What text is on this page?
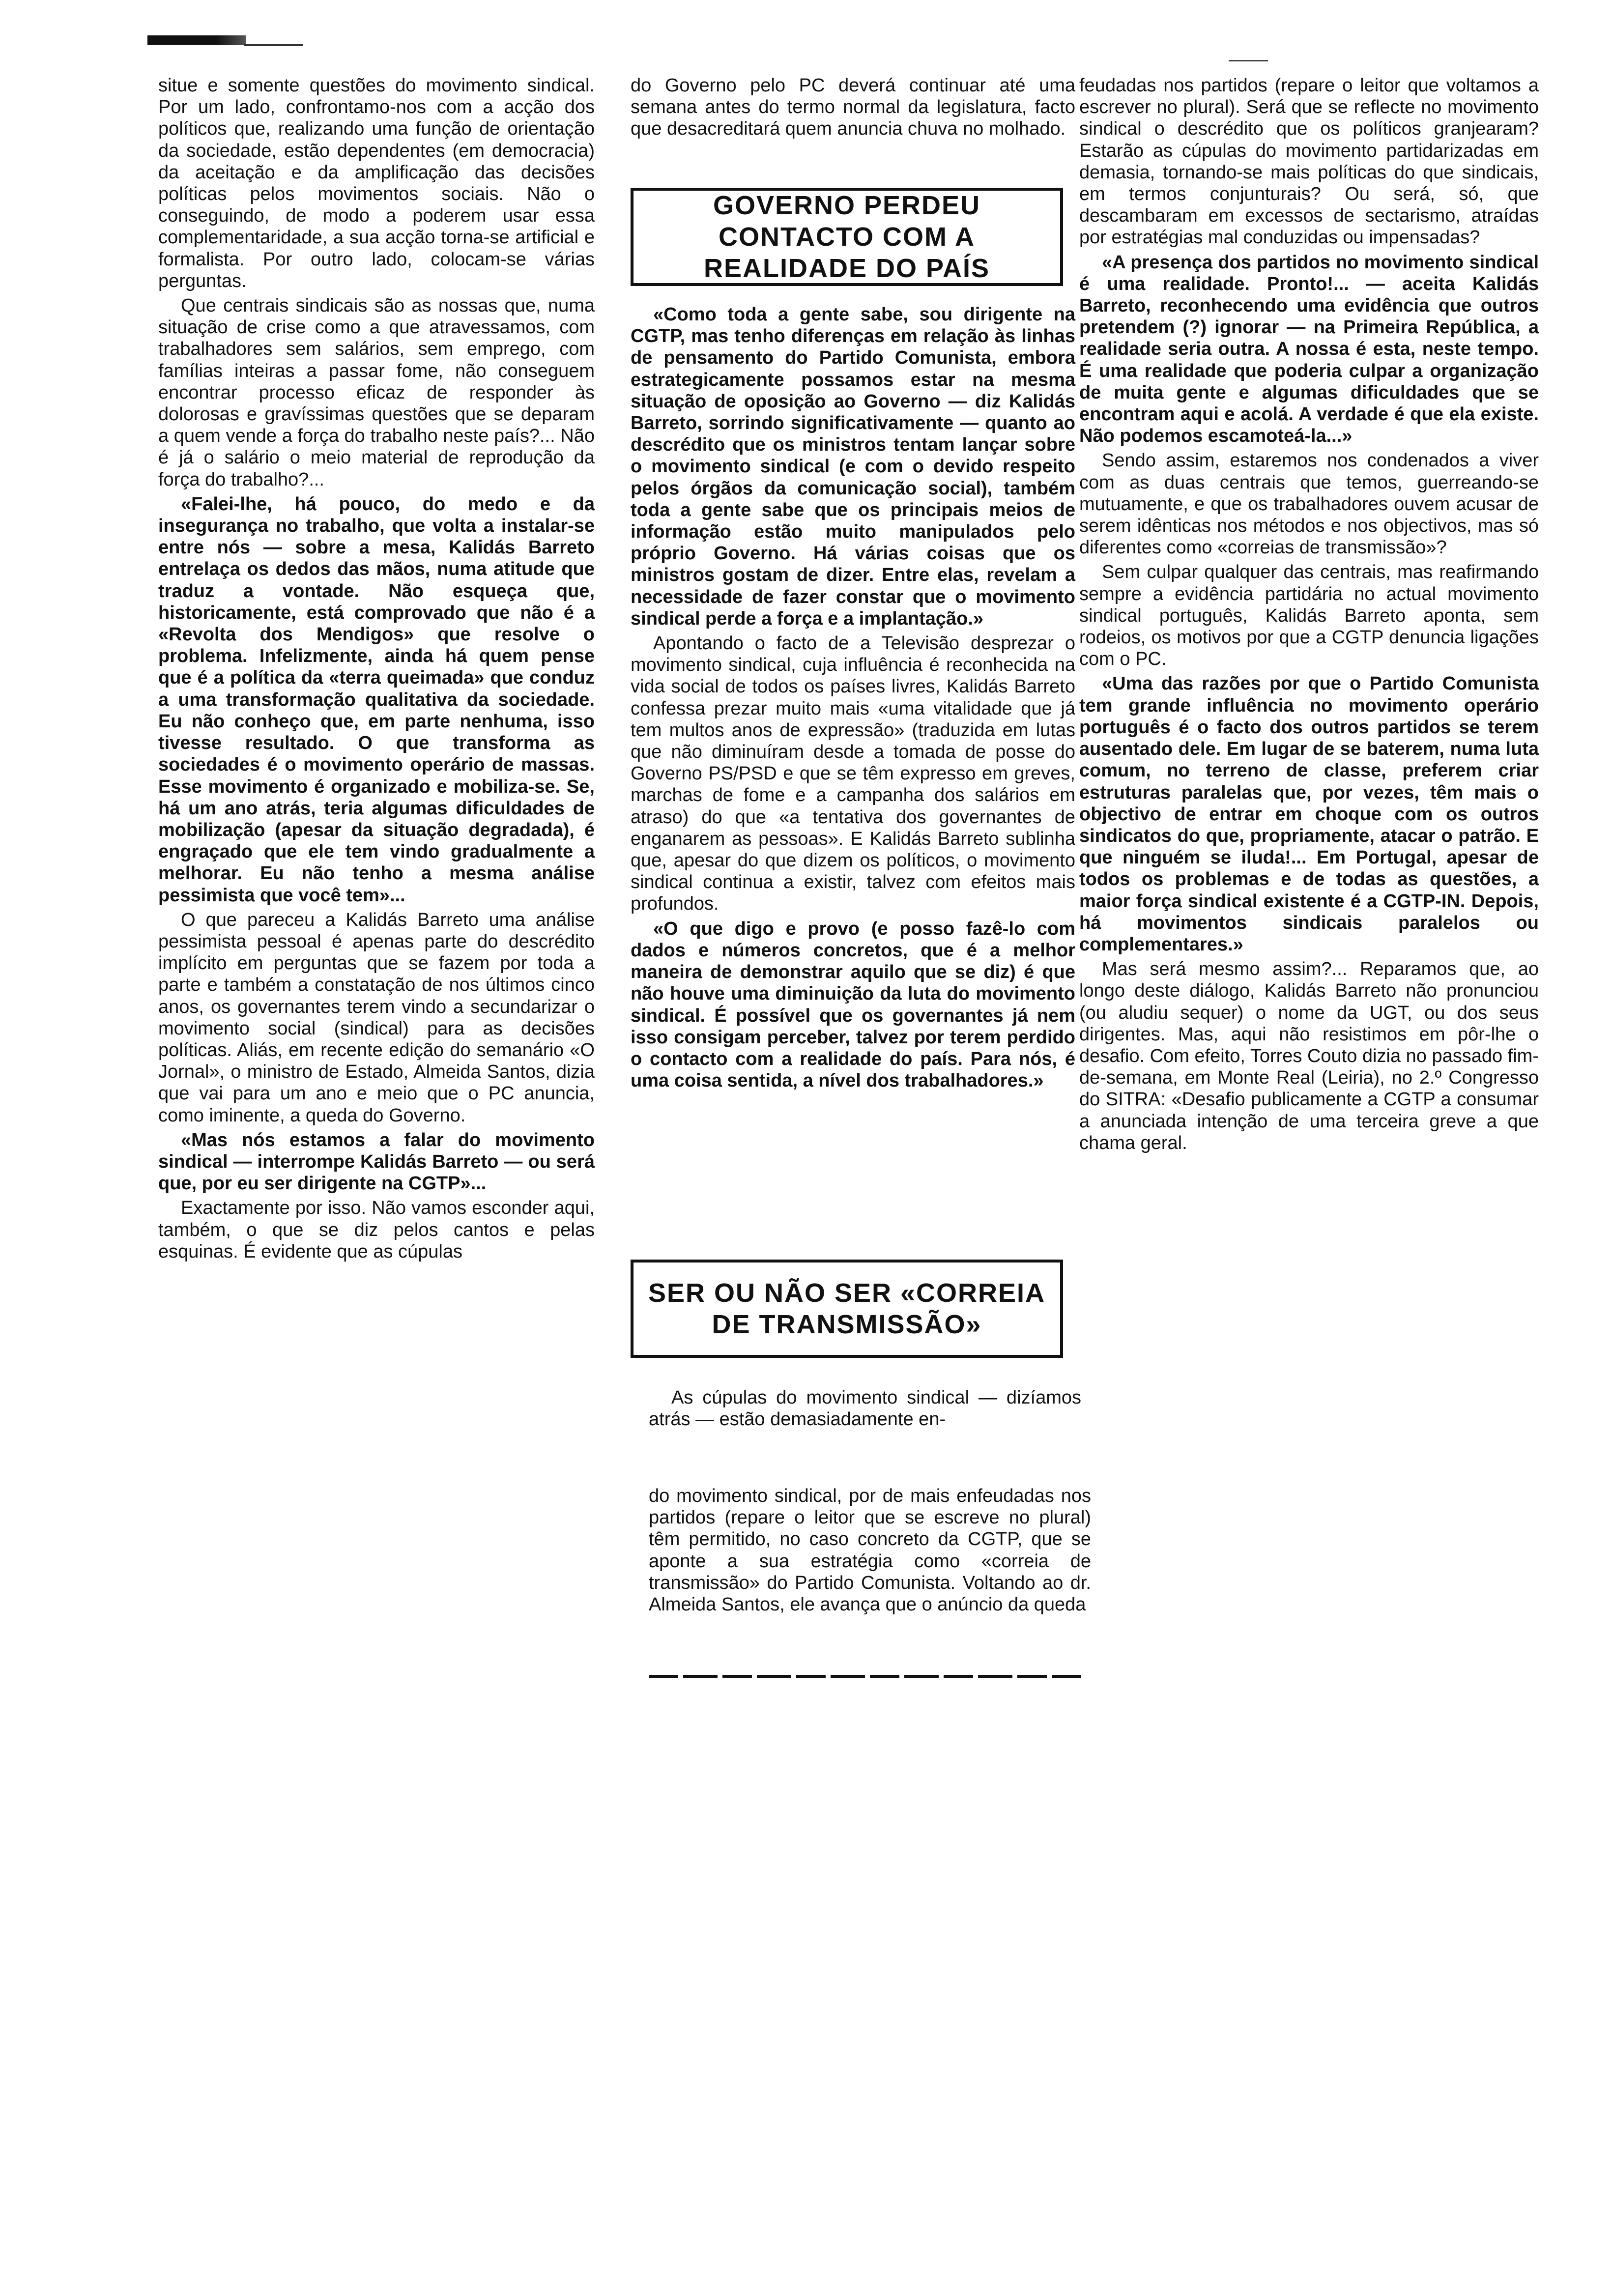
situe e somente questões do movimento sindical. Por um lado, confrontamo-nos com a acção dos políticos que, realizando uma função de orientação da sociedade, estão dependentes (em democracia) da aceitação e da amplificação das decisões políticas pelos movimentos sociais. Não o conseguindo, de modo a poderem usar essa complementaridade, a sua acção torna-se artificial e formalista. Por outro lado, colocam-se várias perguntas.

Que centrais sindicais são as nossas que, numa situação de crise como a que atravessamos, com trabalhadores sem salários, sem emprego, com famílias inteiras a passar fome, não conseguem encontrar processo eficaz de responder às dolorosas e gravíssimas questões que se deparam a quem vende a força do trabalho neste país?... Não é já o salário o meio material de reprodução da força do trabalho?...

«Falei-lhe, há pouco, do medo e da insegurança no trabalho, que volta a instalar-se entre nós — sobre a mesa, Kalidás Barreto entrelaça os dedos das mãos, numa atitude que traduz a vontade. Não esqueça que, historicamente, está comprovado que não é a «Revolta dos Mendigos» que resolve o problema. Infelizmente, ainda há quem pense que é a política da «terra queimada» que conduz a uma transformação qualitativa da sociedade. Eu não conheço que, em parte nenhuma, isso tivesse resultado. O que transforma as sociedades é o movimento operário de massas. Esse movimento é organizado e mobiliza-se. Se, há um ano atrás, teria algumas dificuldades de mobilização (apesar da situação degradada), é engraçado que ele tem vindo gradualmente a melhorar. Eu não tenho a mesma análise pessimista que você tem»...

O que pareceu a Kalidás Barreto uma análise pessimista pessoal é apenas parte do descrédito implícito em perguntas que se fazem por toda a parte e também a constatação de nos últimos cinco anos, os governantes terem vindo a secundarizar o movimento social (sindical) para as decisões políticas. Aliás, em recente edição do semanário «O Jornal», o ministro de Estado, Almeida Santos, dizia que vai para um ano e meio que o PC anuncia, como iminente, a queda do Governo.

«Mas nós estamos a falar do movimento sindical — interrompe Kalidás Barreto — ou será que, por eu ser dirigente na CGTP»...

Exactamente por isso. Não vamos esconder aqui, também, o que se diz pelos cantos e pelas esquinas. É evidente que as cúpulas

do Governo pelo PC deverá continuar até uma semana antes do termo normal da legislatura, facto que desacreditará quem anuncia chuva no molhado.

GOVERNO PERDEU CONTACTO COM A REALIDADE DO PAÍS

«Como toda a gente sabe, sou dirigente na CGTP, mas tenho diferenças em relação às linhas de pensamento do Partido Comunista, embora estrategicamente possamos estar na mesma situação de oposição ao Governo — diz Kalidás Barreto, sorrindo significativamente — quanto ao descrédito que os ministros tentam lançar sobre o movimento sindical (e com o devido respeito pelos órgãos da comunicação social), também toda a gente sabe que os principais meios de informação estão muito manipulados pelo próprio Governo. Há várias coisas que os ministros gostam de dizer. Entre elas, revelam a necessidade de fazer constar que o movimento sindical perde a força e a implantação.»

Apontando o facto de a Televisão desprezar o movimento sindical, cuja influência é reconhecida na vida social de todos os países livres, Kalidás Barreto confessa prezar muito mais «uma vitalidade que já tem multos anos de expressão» (traduzida em lutas que não diminuíram desde a tomada de posse do Governo PS/PSD e que se têm expresso em greves, marchas de fome e a campanha dos salários em atraso) do que «a tentativa dos governantes de enganarem as pessoas». E Kalidás Barreto sublinha que, apesar do que dizem os políticos, o movimento sindical continua a existir, talvez com efeitos mais profundos.

«O que digo e provo (e posso fazê-lo com dados e números concretos, que é a melhor maneira de demonstrar aquilo que se diz) é que não houve uma diminuição da luta do movimento sindical. É possível que os governantes já nem isso consigam perceber, talvez por terem perdido o contacto com a realidade do país. Para nós, é uma coisa sentida, a nível dos trabalhadores.»

SER OU NÃO SER «CORREIA DE TRANSMISSÃO»

As cúpulas do movimento sindical — dizíamos atrás — estão demasiadamente en-

do movimento sindical, por de mais enfeudadas nos partidos (repare o leitor que se escreve no plural) têm permitido, no caso concreto da CGTP, que se aponte a sua estratégia como «correia de transmissão» do Partido Comunista. Voltando ao dr. Almeida Santos, ele avança que o anúncio da queda

feudadas nos partidos (repare o leitor que voltamos a escrever no plural). Será que se reflecte no movimento sindical o descrédito que os políticos granjearam? Estarão as cúpulas do movimento partidarizadas em demasia, tornando-se mais políticas do que sindicais, em termos conjunturais? Ou será, só, que descambaram em excessos de sectarismo, atraídas por estratégias mal conduzidas ou impensadas?

«A presença dos partidos no movimento sindical é uma realidade. Pronto!... — aceita Kalidás Barreto, reconhecendo uma evidência que outros pretendem (?) ignorar — na Primeira República, a realidade seria outra. A nossa é esta, neste tempo. É uma realidade que poderia culpar a organização de muita gente e algumas dificuldades que se encontram aqui e acolá. A verdade é que ela existe. Não podemos escamoteá-la...»

Sendo assim, estaremos nos condenados a viver com as duas centrais que temos, guerreando-se mutuamente, e que os trabalhadores ouvem acusar de serem idênticas nos métodos e nos objectivos, mas só diferentes como «correias de transmissão»?

Sem culpar qualquer das centrais, mas reafirmando sempre a evidência partidária no actual movimento sindical português, Kalidás Barreto aponta, sem rodeios, os motivos por que a CGTP denuncia ligações com o PC.

«Uma das razões por que o Partido Comunista tem grande influência no movimento operário português é o facto dos outros partidos se terem ausentado dele. Em lugar de se baterem, numa luta comum, no terreno de classe, preferem criar estruturas paralelas que, por vezes, têm mais o objectivo de entrar em choque com os outros sindicatos do que, propriamente, atacar o patrão. E que ninguém se iluda!... Em Portugal, apesar de todos os problemas e de todas as questões, a maior força sindical existente é a CGTP-IN. Depois, há movimentos sindicais paralelos ou complementares.»

Mas será mesmo assim?... Reparamos que, ao longo deste diálogo, Kalidás Barreto não pronunciou (ou aludiu sequer) o nome da UGT, ou dos seus dirigentes. Mas, aqui não resistimos em pôr-lhe o desafio. Com efeito, Torres Couto dizia no passado fim-de-semana, em Monte Real (Leiria), no 2.º Congresso do SITRA: «Desafio publicamente a CGTP a consumar a anunciada intenção de uma terceira greve a que chama geral.
